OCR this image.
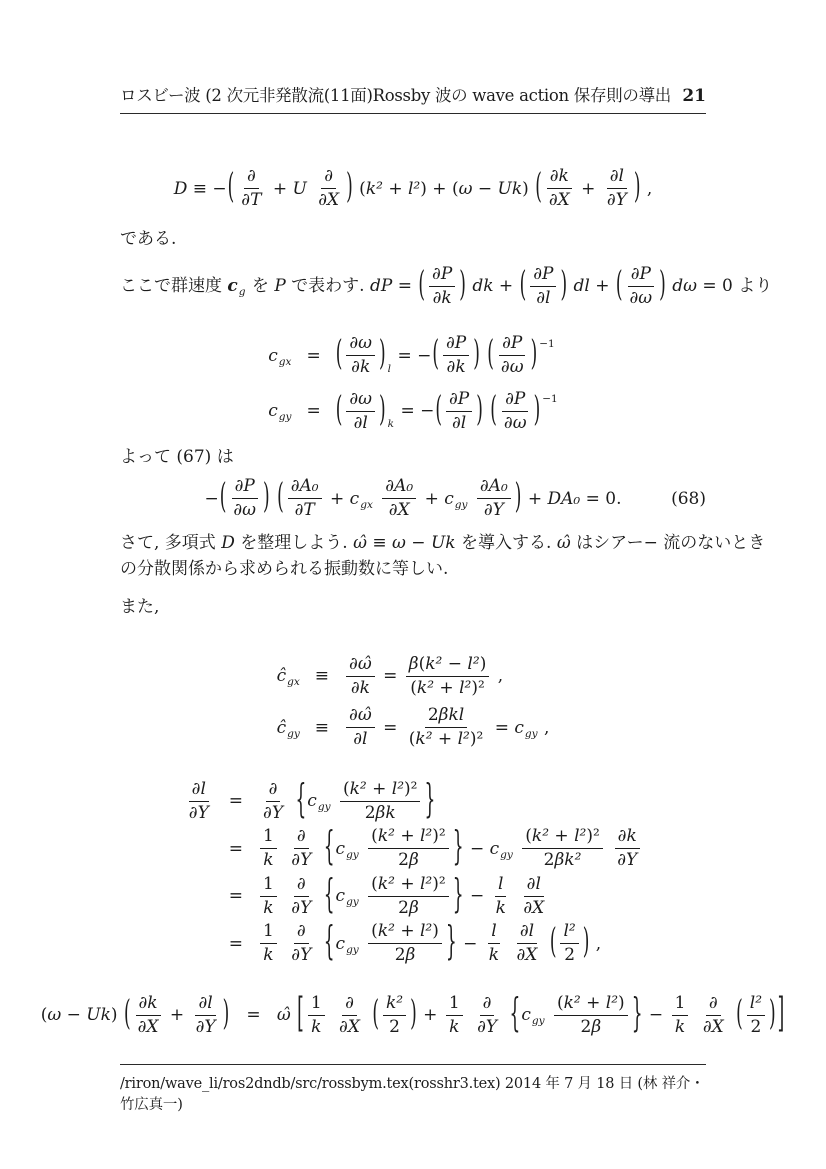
ロスビー波 (2 次元非発散流(11面)Rossby 波の wave action 保存則の導出 21
D ≡ − ( $\frac{\partial}{\partial T} + U \frac{\partial}{\partial X}$ ) ( k² + l² ) + ( ω − Uk ) ( $\frac{\partial k}{\partial X} + \frac{\partial l}{\partial Y}$ ) ,
である.
ここで群速度 c g を P で表わす. dP = ( $\frac{\partial P}{\partial k}$ )
dk + ( $\frac{\partial P}{\partial l}$ )
dl + ( $\frac{\partial P}{\partial\omega}$ )
dω = 0 より
c gx = ( $\frac{\partial\omega}{\partial k}$ ) l
= − ( $\frac{\partial P}{\partial k}$ )
( $\frac{\partial P}{\partial\omega}$ ) −1
c gy = ( $\frac{\partial\omega}{\partial l}$ ) k
= − ( $\frac{\partial P}{\partial l}$ )
( $\frac{\partial P}{\partial\omega}$ ) −1
よって (67) は
− ( $\frac{\partial P}{\partial\omega}$ )
( $\frac{\text{∂A₀}}{\partial T} + c$ gx
$\frac{\text{∂A₀}}{\partial X} + c$ gy
$\frac{\text{∂A₀}}{\partial Y}$ ) + DA₀ = 0.	(68)
さて, 多項式 D を整理しよう. ω̂ ≡ ω − Uk を導入する. ω̂ はシアー− 流のないとき
の分散関係から求められる振動数に等しい.
また,
ĉ gx ≡ $\frac{\partial\omegâ}{\partial k} = \frac{\text{β ( k² − l² )}}{\text{( k² + l² )²}}$ ,
ĉ gy ≡ $\frac{\partial\omegâ}{\partial l} = \frac{\text{2 βkl}}{\text{( k² + l² )²}} = c$ gy ,
$\frac{\partial l}{\partial Y} = \frac{\partial}{\partial Y}$
{ c gy
$\frac{\text{( k² + l² )²}}{2 \beta k}$ }
= $\frac{1}{k}$
$\frac{\partial}{\partial Y}$
{ c gy
$\frac{\text{( k² + l² )²}}{2 \beta}$ } − c gy
$\frac{\text{( k² + l² )²}}{\text{2 βk²}}$
$\frac{\partial k}{\partial Y}$
= $\frac{1}{k}$
$\frac{\partial}{\partial Y}$
{ c gy
$\frac{\text{( k² + l² )²}}{2 \beta}$ } − $\frac{l}{k}$
$\frac{\partial l}{\partial X}$
= $\frac{1}{k}$
$\frac{\partial}{\partial Y}$
{ c gy
$\frac{\text{( k² + l² )}}{2 \beta}$ } − $\frac{l}{k}$
$\frac{\partial l}{\partial X}$
( $\frac{\text{l²}}{2}$ ) ,
( ω − Uk ) ( $\frac{\partial k}{\partial X} + \frac{\partial l}{\partial Y}$ ) = ω̂ [ $\frac{1}{k}$
$\frac{\partial}{\partial X}$
( $\frac{\text{k²}}{2}$ ) + $\frac{1}{k}$
$\frac{\partial}{\partial Y}$
{ c gy
$\frac{\text{( k² + l² )}}{2 \beta}$ } − $\frac{1}{k}$
$\frac{\partial}{\partial X}$
( $\frac{\text{l²}}{2}$ ) ]
/riron/wave_li/ros2dndb/src/rossbym.tex(rosshr3.tex) 2014 年 7 月 18 日 (林 祥介・竹広真一)
